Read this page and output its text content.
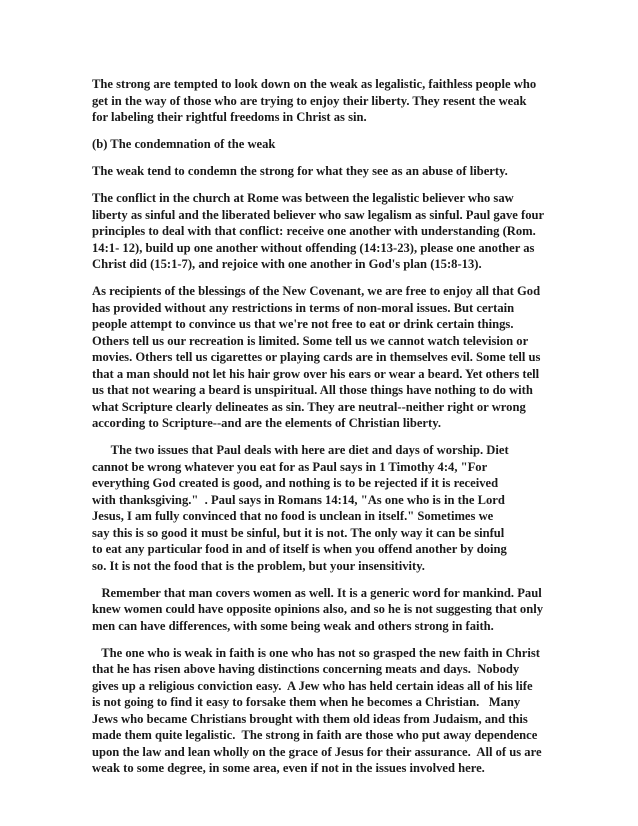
The strong are tempted to look down on the weak as legalistic, faithless people who
get in the way of those who are trying to enjoy their liberty. They resent the weak
for labeling their rightful freedoms in Christ as sin.
(b) The condemnation of the weak
The weak tend to condemn the strong for what they see as an abuse of liberty.
The conflict in the church at Rome was between the legalistic believer who saw
liberty as sinful and the liberated believer who saw legalism as sinful. Paul gave four
principles to deal with that conflict: receive one another with understanding (Rom.
14:1- 12), build up one another without offending (14:13-23), please one another as
Christ did (15:1-7), and rejoice with one another in God's plan (15:8-13).
As recipients of the blessings of the New Covenant, we are free to enjoy all that God
has provided without any restrictions in terms of non-moral issues. But certain
people attempt to convince us that we're not free to eat or drink certain things.
Others tell us our recreation is limited. Some tell us we cannot watch television or
movies. Others tell us cigarettes or playing cards are in themselves evil. Some tell us
that a man should not let his hair grow over his ears or wear a beard. Yet others tell
us that not wearing a beard is unspiritual. All those things have nothing to do with
what Scripture clearly delineates as sin. They are neutral--neither right or wrong
according to Scripture--and are the elements of Christian liberty.
The two issues that Paul deals with here are diet and days of worship. Diet
cannot be wrong whatever you eat for as Paul says in 1 Timothy 4:4, "For
everything God created is good, and nothing is to be rejected if it is received
with thanksgiving."  . Paul says in Romans 14:14, "As one who is in the Lord
Jesus, I am fully convinced that no food is unclean in itself." Sometimes we
say this is so good it must be sinful, but it is not. The only way it can be sinful
to eat any particular food in and of itself is when you offend another by doing
so. It is not the food that is the problem, but your insensitivity.
Remember that man covers women as well. It is a generic word for mankind. Paul
knew women could have opposite opinions also, and so he is not suggesting that only
men can have differences, with some being weak and others strong in faith.
The one who is weak in faith is one who has not so grasped the new faith in Christ
that he has risen above having distinctions concerning meats and days.  Nobody
gives up a religious conviction easy.  A Jew who has held certain ideas all of his life
is not going to find it easy to forsake them when he becomes a Christian.   Many
Jews who became Christians brought with them old ideas from Judaism, and this
made them quite legalistic.  The strong in faith are those who put away dependence
upon the law and lean wholly on the grace of Jesus for their assurance.  All of us are
weak to some degree, in some area, even if not in the issues involved here.
